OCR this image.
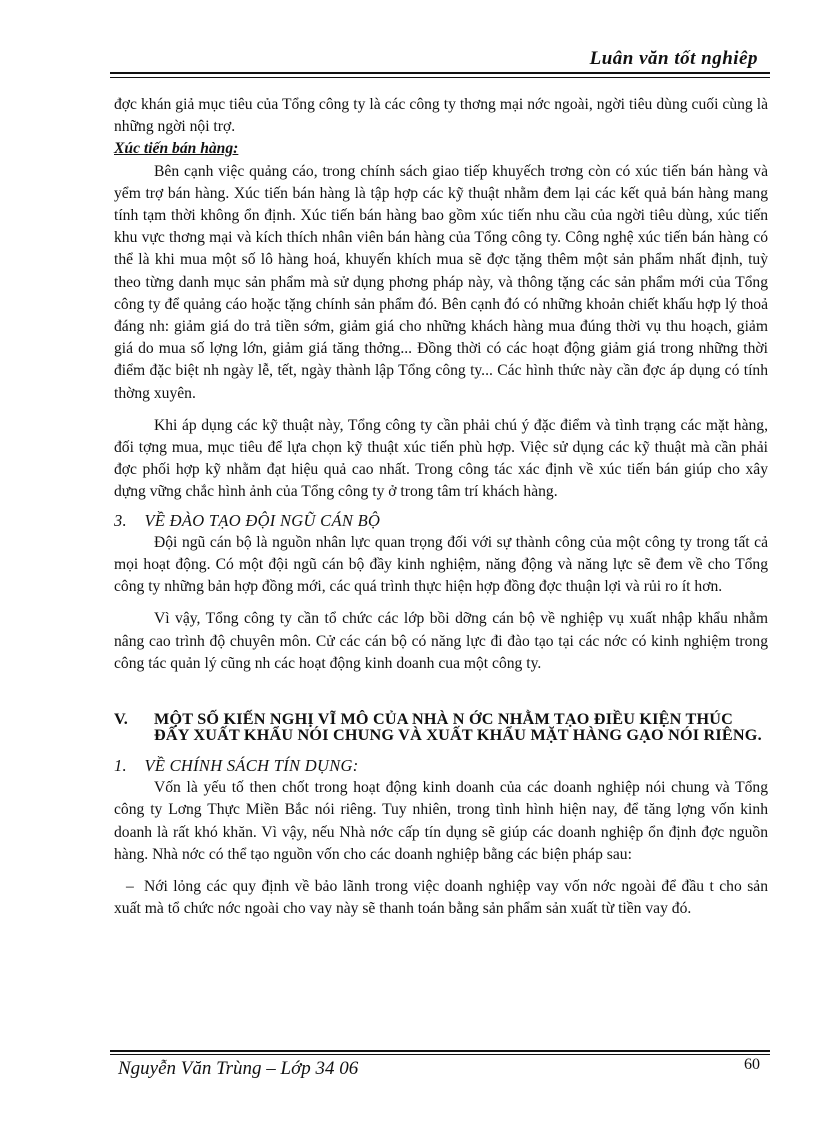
Luân văn tốt nghiêp

đợc khán giả mục tiêu của Tổng công ty là các công ty thơng mại nớc ngoài, ngời tiêu dùng cuối cùng là những ngời nội trợ.

Xúc tiến bán hàng:

Bên cạnh việc quảng cáo, trong chính sách giao tiếp khuyếch trơng còn có xúc tiến bán hàng và yểm trợ bán hàng. Xúc tiến bán hàng là tập hợp các kỹ thuật nhằm đem lại các kết quả bán hàng mang tính tạm thời không ổn định. Xúc tiến bán hàng bao gồm xúc tiến nhu cầu của ngời tiêu dùng, xúc tiến khu vực thơng mại và kích thích nhân viên bán hàng của Tổng công ty. Công nghệ xúc tiến bán hàng có thể là khi mua một số lô hàng hoá, khuyến khích mua sẽ đợc tặng thêm một sản phẩm nhất định, tuỳ theo từng danh mục sản phẩm mà sử dụng phơng pháp này, và thông tặng các sản phẩm mới của Tổng công ty để quảng cáo hoặc tặng chính sản phẩm đó. Bên cạnh đó có những khoản chiết khấu hợp lý thoả đáng nh: giảm giá do trả tiền sớm, giảm giá cho những khách hàng mua đúng thời vụ thu hoạch, giảm giá do mua số lợng lớn, giảm giá tăng thởng... Đồng thời có các hoạt động giảm giá trong những thời điểm đặc biệt nh ngày lễ, tết, ngày thành lập Tổng công ty... Các hình thức này cần đợc áp dụng có tính thờng xuyên.

Khi áp dụng các kỹ thuật này, Tổng công ty cần phải chú ý đặc điểm và tình trạng các mặt hàng, đối tợng mua, mục tiêu để lựa chọn kỹ thuật xúc tiến phù hợp. Việc sử dụng các kỹ thuật mà cần phải đợc phối hợp kỹ nhằm đạt hiệu quả cao nhất. Trong công tác xác định về xúc tiến bán giúp cho xây dựng vững chắc hình ảnh của Tổng công ty ở trong tâm trí khách hàng.

3. VỀ ĐÀO TẠO ĐỘI NGŨ CÁN BỘ

Đội ngũ cán bộ là nguồn nhân lực quan trọng đối với sự thành công của một công ty trong tất cả mọi hoạt động. Có một đội ngũ cán bộ đầy kinh nghiệm, năng động và năng lực sẽ đem về cho Tổng công ty những bản hợp đồng mới, các quá trình thực hiện hợp đồng đợc thuận lợi và rủi ro ít hơn.

Vì vậy, Tổng công ty cần tổ chức các lớp bồi dỡng cán bộ về nghiệp vụ xuất nhập khẩu nhằm nâng cao trình độ chuyên môn. Cử các cán bộ có năng lực đi đào tạo tại các nớc có kinh nghiệm trong công tác quản lý cũng nh các hoạt động kinh doanh cua một công ty.

V.	MỘT SỐ KIẾN NGHỊ VĨ MÔ CỦA NHÀ N ỚC NHẰM TẠO ĐIỀU KIỆN THÚC ĐẨY XUẤT KHẨU NÓI CHUNG VÀ XUẤT KHẨU MẶT HÀNG GẠO NÓI RIÊNG.
1. VỀ CHÍNH SÁCH TÍN DỤNG:

Vốn là yếu tố then chốt trong hoạt động kinh doanh của các doanh nghiệp nói chung và Tổng công ty Lơng Thực Miền Bắc nói riêng. Tuy nhiên, trong tình hình hiện nay, để tăng lợng vốn kinh doanh là rất khó khăn. Vì vậy, nếu Nhà nớc cấp tín dụng sẽ giúp các doanh nghiệp ổn định đợc nguồn hàng. Nhà nớc có thể tạo nguồn vốn cho các doanh nghiệp bằng các biện pháp sau:

– Nới lỏng các quy định về bảo lãnh trong việc doanh nghiệp vay vốn nớc ngoài để đầu t cho sản xuất mà tổ chức nớc ngoài cho vay này sẽ thanh toán bằng sản phẩm sản xuất từ tiền vay đó.
Nguyễn Văn Trùng – Lớp 34 06	60
